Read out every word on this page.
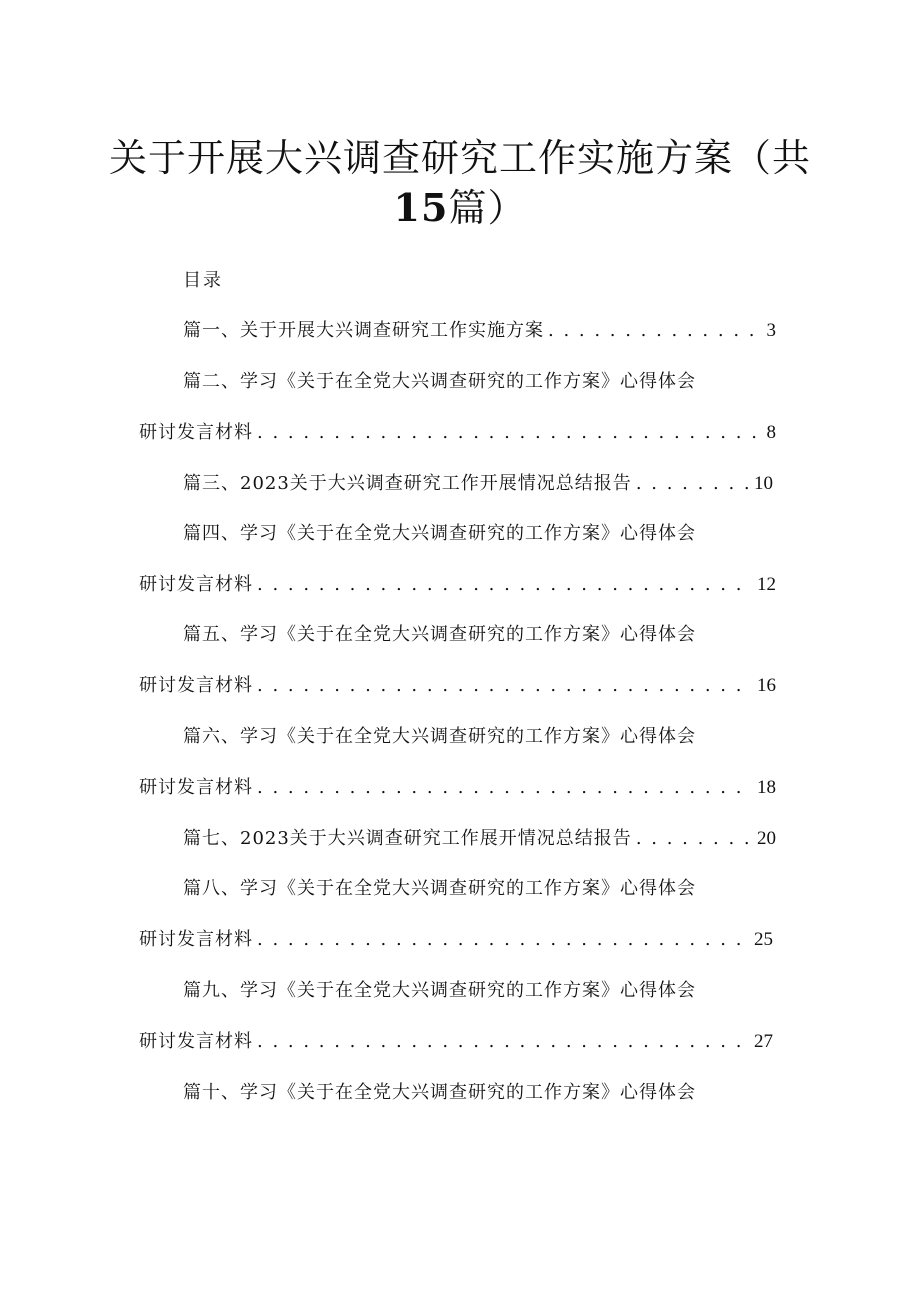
关于开展大兴调查研究工作实施方案（共
15篇）
目录
篇一、关于开展大兴调查研究工作实施方案 . . .	3
篇二、学习《关于在全党大兴调查研究的工作方案》心得体会
研讨发言材料 . . .	8
篇三、2023关于大兴调查研究工作开展情况总结报告 . . .	10
篇四、学习《关于在全党大兴调查研究的工作方案》心得体会
研讨发言材料 . . .	12
篇五、学习《关于在全党大兴调查研究的工作方案》心得体会
研讨发言材料 . . .	16
篇六、学习《关于在全党大兴调查研究的工作方案》心得体会
研讨发言材料 . . .	18
篇七、2023关于大兴调查研究工作展开情况总结报告 . . .	20
篇八、学习《关于在全党大兴调查研究的工作方案》心得体会
研讨发言材料 . . .	25
篇九、学习《关于在全党大兴调查研究的工作方案》心得体会
研讨发言材料 . . .	27
篇十、学习《关于在全党大兴调查研究的工作方案》心得体会
